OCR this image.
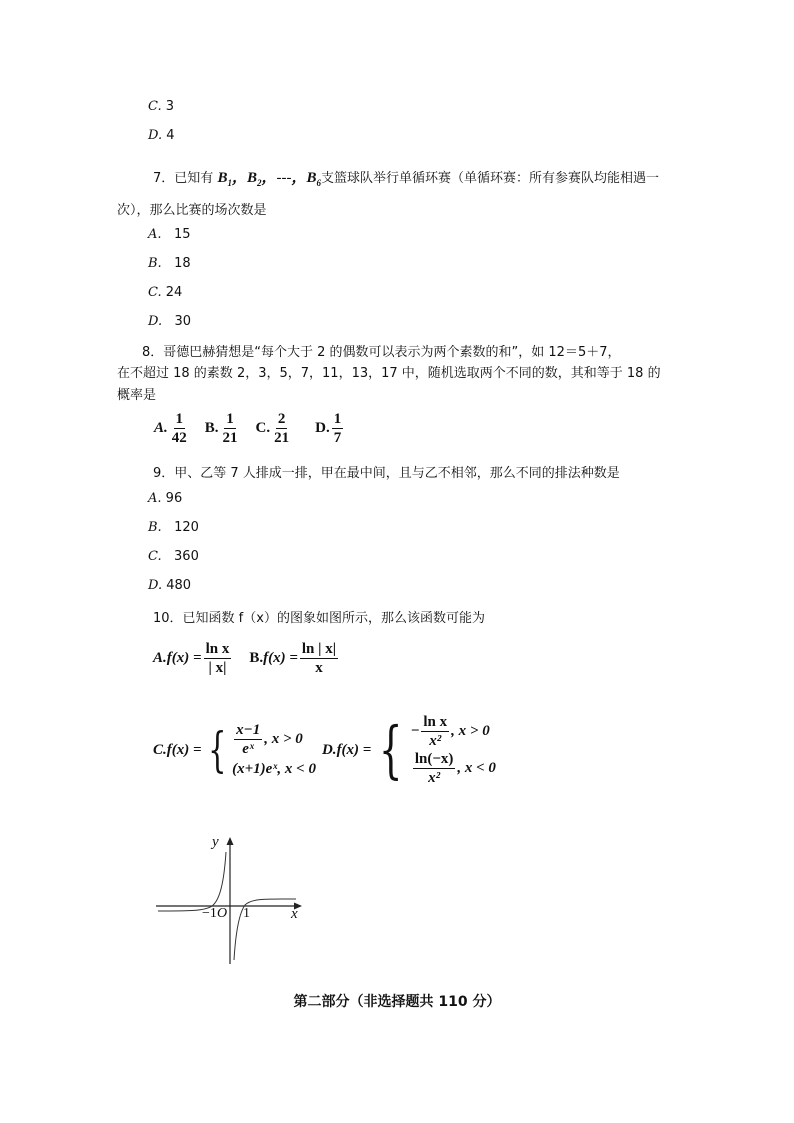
C. 3
D. 4
7．已知有 $B_1$，$B_2$，---，$B_6$支篮球队举行单循环赛（单循环赛：所有参赛队均能相遇一
次），那么比赛的场次数是
A. 15
B. 18
C. 24
D. 30
8．哥德巴赫猜想是“每个大于 2 的偶数可以表示为两个素数的和”，如 12＝5＋7，
在不超过 18 的素数 2，3，5，7，11，13，17 中，随机选取两个不同的数，其和等于 18 的
概率是
A. $\frac{1}{42} B$. $\frac{1}{21} C$. $\frac{2}{21} D$. $\frac{1}{7}$
9．甲、乙等 7 人排成一排，甲在最中间，且与乙不相邻，那么不同的排法种数是
A. 96
B. 120
C. 360
D. 480
10．已知函数 f（x）的图象如图所示，那么该函数可能为
$A.f(x) = \frac{\text{ln x}}{| x|} B.f(x) = \frac{\ln | x|}{x}$
C. f(x) = { $\frac{x-1}{\text{eˣ}}$ , x > 0
(x+1)eˣ, x < 0
D. f(x) = { − $\frac{\text{ln x}}{\text{x²}}$ , x > 0
$\frac{\ln(-x)}{\text{x²}}$ , x < 0
y
x
−1 O 1
第二部分（非选择题共 110 分）
